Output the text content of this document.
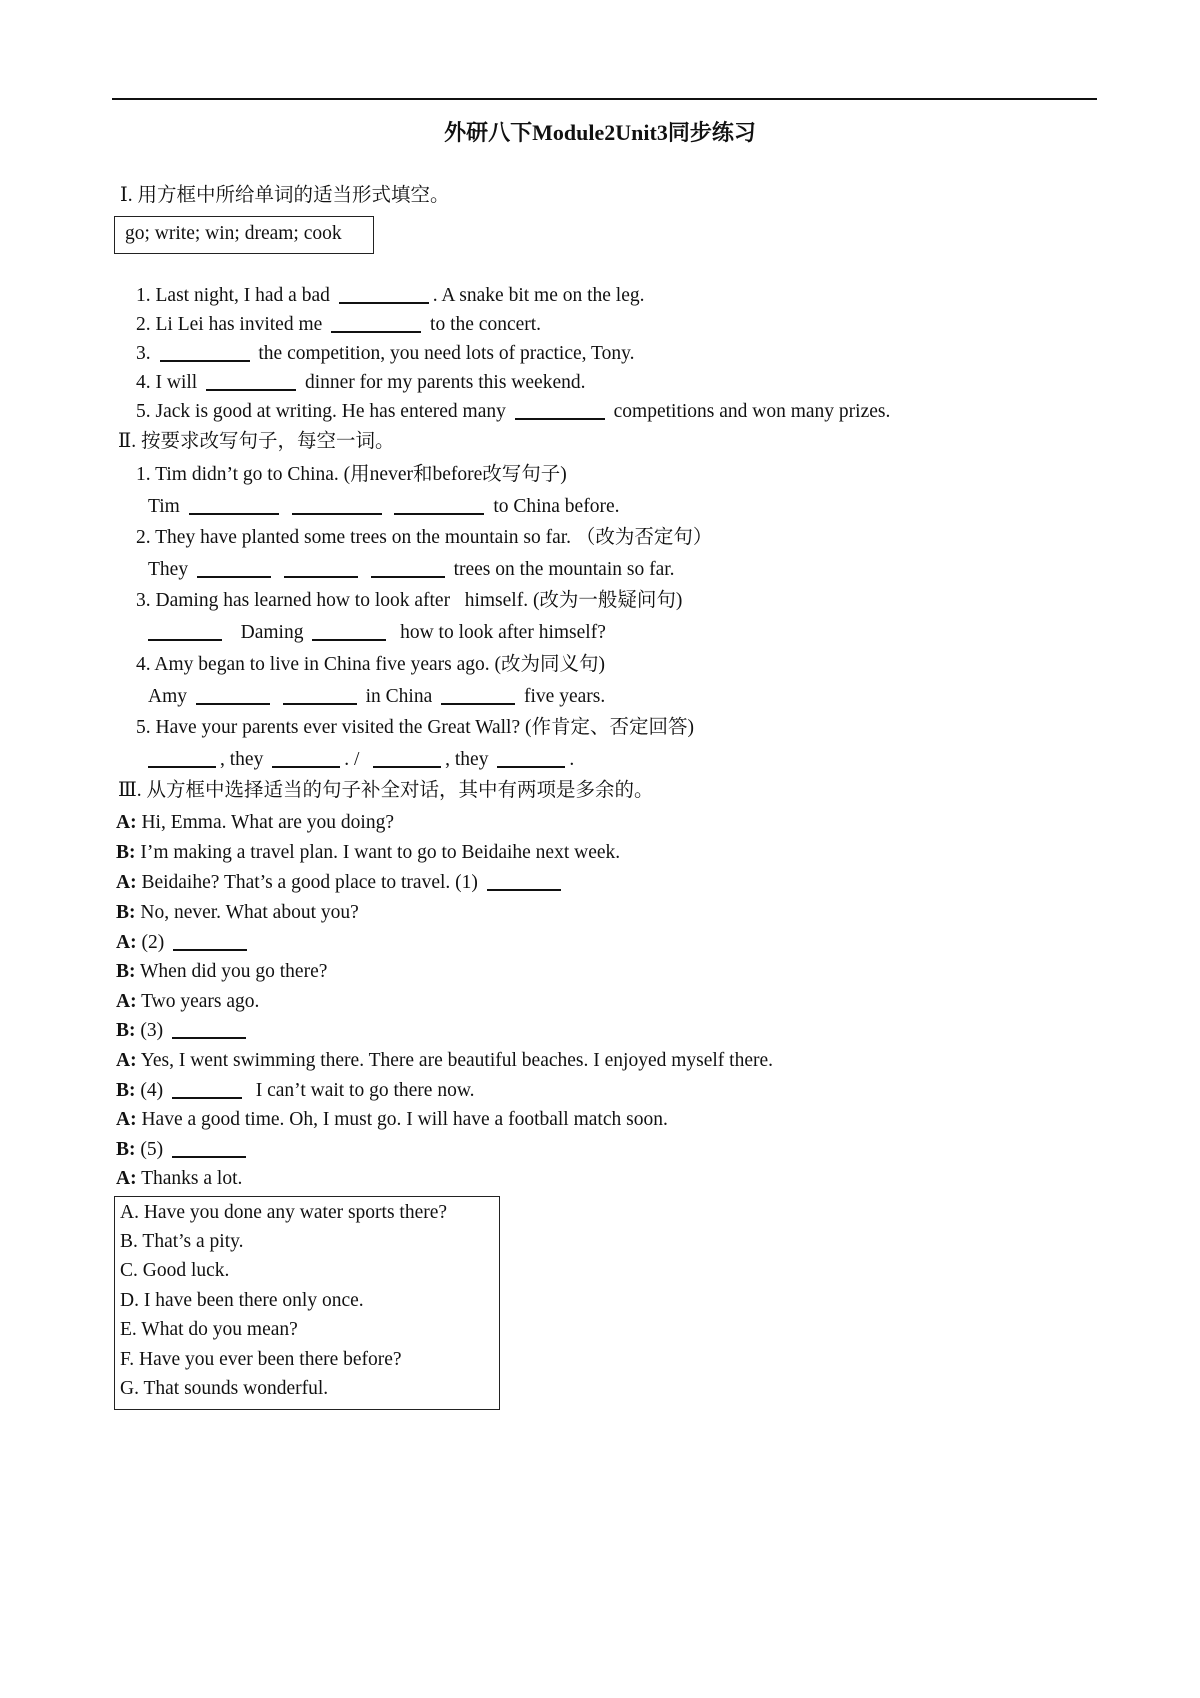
外研八下Module2Unit3同步练习
Ⅰ. 用方框中所给单词的适当形式填空。
go; write; win; dream; cook
1. Last night, I had a bad	. A snake bit me on the leg.
2. Li Lei has invited me	to the concert.
3.	the competition, you need lots of practice, Tony.
4. I will	dinner for my parents this weekend.
5. Jack is good at writing. He has entered many	competitions and won many prizes.
Ⅱ. 按要求改写句子，每空一词。
1. Tim didn’t go to China. (用never和before改写句子)
Tim	to China before.
2. They have planted some trees on the mountain so far. （改为否定句）
They	trees on the mountain so far.
3. Daming has learned how to look after   himself. (改为一般疑问句)
Daming	how to look after himself?
4. Amy began to live in China five years ago. (改为同义句)
Amy	in China	five years.
5. Have your parents ever visited the Great Wall? (作肯定、否定回答)
, they	. /	, they	.
Ⅲ. 从方框中选择适当的句子补全对话，其中有两项是多余的。
A: Hi, Emma. What are you doing?
B: I’m making a travel plan. I want to go to Beidaihe next week.
A: Beidaihe? That’s a good place to travel. (1)
B: No, never. What about you?
A: (2)
B: When did you go there?
A: Two years ago.
B: (3)
A: Yes, I went swimming there. There are beautiful beaches. I enjoyed myself there.
B: (4)	I can’t wait to go there now.
A: Have a good time. Oh, I must go. I will have a football match soon.
B: (5)
A: Thanks a lot.
A. Have you done any water sports there?
B. That’s a pity.
C. Good luck.
D. I have been there only once.
E. What do you mean?
F. Have you ever been there before?
G. That sounds wonderful.
